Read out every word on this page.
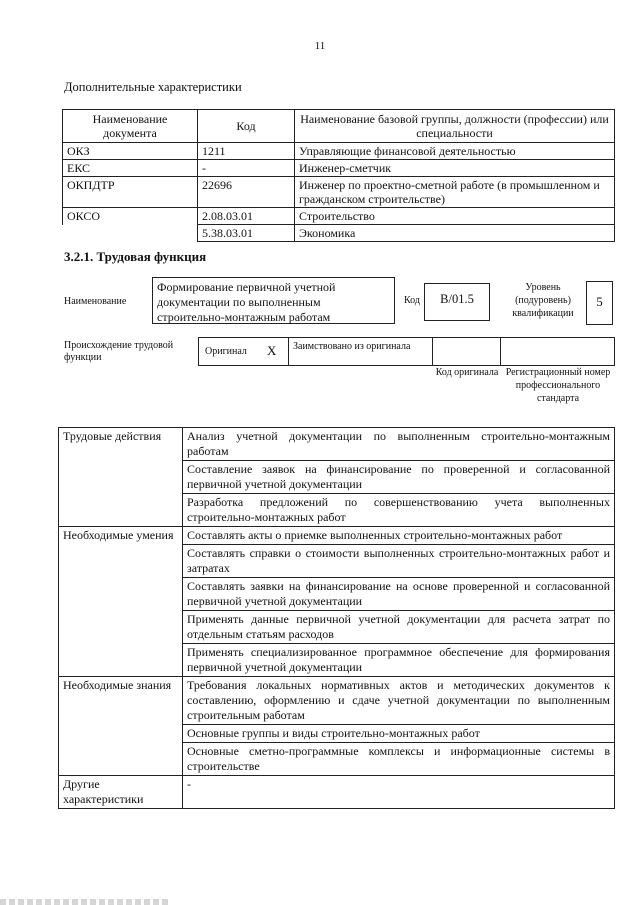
11
Дополнительные характеристики
Наименование документа	Код	Наименование базовой группы, должности (профессии) или специальности
ОКЗ	1211	Управляющие финансовой деятельностью
ЕКС	-	Инженер-сметчик
ОКПДТР	22696	Инженер по проектно-сметной работе (в промышленном и гражданском строительстве)
ОКСО	2.08.03.01	Строительство
	5.38.03.01	Экономика
3.2.1. Трудовая функция
Наименование
Формирование первичной учетной документации по выполненным строительно-монтажным работам
Код	B/01.5
Уровень (подуровень) квалификации
5
Происхождение трудовой функции
Оригинал X	Заимствовано из оригинала
Код оригинала Регистрационный номер профессионального стандарта
Трудовые действия	Анализ учетной документации по выполненным строительно-монтажным работам
	Составление заявок на финансирование по проверенной и согласованной первичной учетной документации
	Разработка предложений по совершенствованию учета выполненных строительно-монтажных работ
Необходимые умения	Составлять акты о приемке выполненных строительно-монтажных работ
	Составлять справки о стоимости выполненных строительно-монтажных работ и затратах
	Составлять заявки на финансирование на основе проверенной и согласованной первичной учетной документации
	Применять данные первичной учетной документации для расчета затрат по отдельным статьям расходов
	Применять специализированное программное обеспечение для формирования первичной учетной документации
Необходимые знания	Требования локальных нормативных актов и методических документов к составлению, оформлению и сдаче учетной документации по выполненным строительным работам
	Основные группы и виды строительно-монтажных работ
	Основные сметно-программные комплексы и информационные системы в строительстве
Другие характеристики	-
